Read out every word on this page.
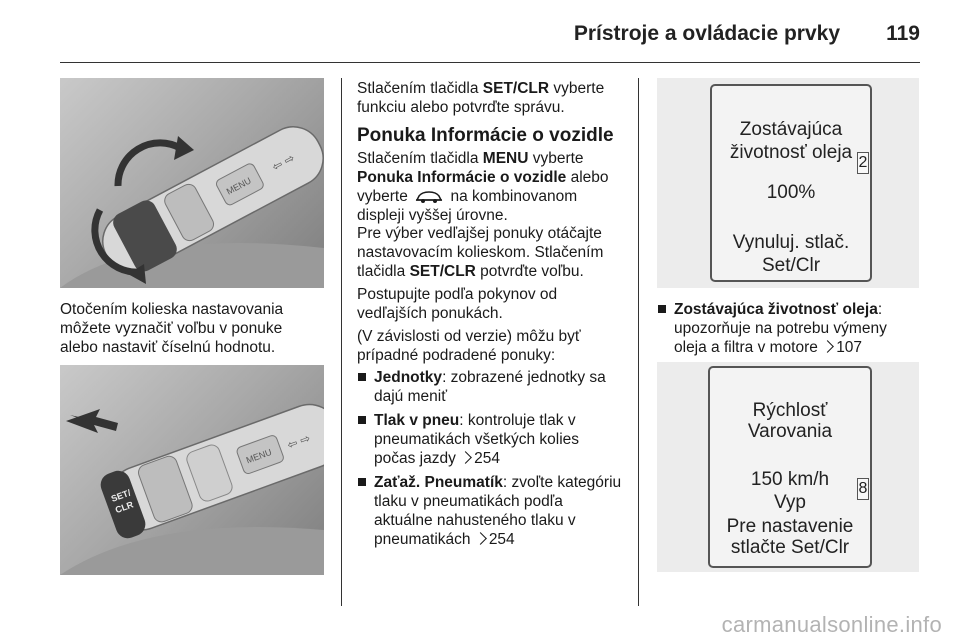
Prístroje a ovládacie prvky 119
MENU
⇦ ⇨
Otočením kolieska nastavovania
môžete vyznačiť voľbu v ponuke
alebo nastaviť číselnú hodnotu.
MENU
⇦ ⇨
SET/
CLR
Stlačením tlačidla SET/CLR vyberte
funkciu alebo potvrďte správu.
Ponuka Informácie o vozidle
Stlačením tlačidla MENU vyberte
Ponuka Informácie o vozidle alebo
vyberte  na kombinovanom
displeji vyššej úrovne.
Pre výber vedľajšej ponuky otáčajte
nastavovacím kolieskom. Stlačením
tlačidla SET/CLR potvrďte voľbu.
Postupujte podľa pokynov od
vedľajších ponukách.
(V závislosti od verzie) môžu byť
prípadné podradené ponuky:
Jednotky: zobrazené jednotky sa
dajú meniť
Tlak v pneu: kontroluje tlak v
pneumatikách všetkých kolies
počas jazdy 254
Zaťaž. Pneumatík: zvoľte kategóriu
tlaku v pneumatikách podľa
aktuálne nahusteného tlaku v
pneumatikách 254
Zostávajúca
životnosť oleja 2
100%
Vynuluj. stlač.
Set/Clr
Zostávajúca životnosť oleja:
upozorňuje na potrebu výmeny
oleja a filtra v motore 107
Rýchlosť
Varovania
150 km/h	8
Vyp
Pre nastavenie
stlačte Set/Clr
carmanualsonline.info
